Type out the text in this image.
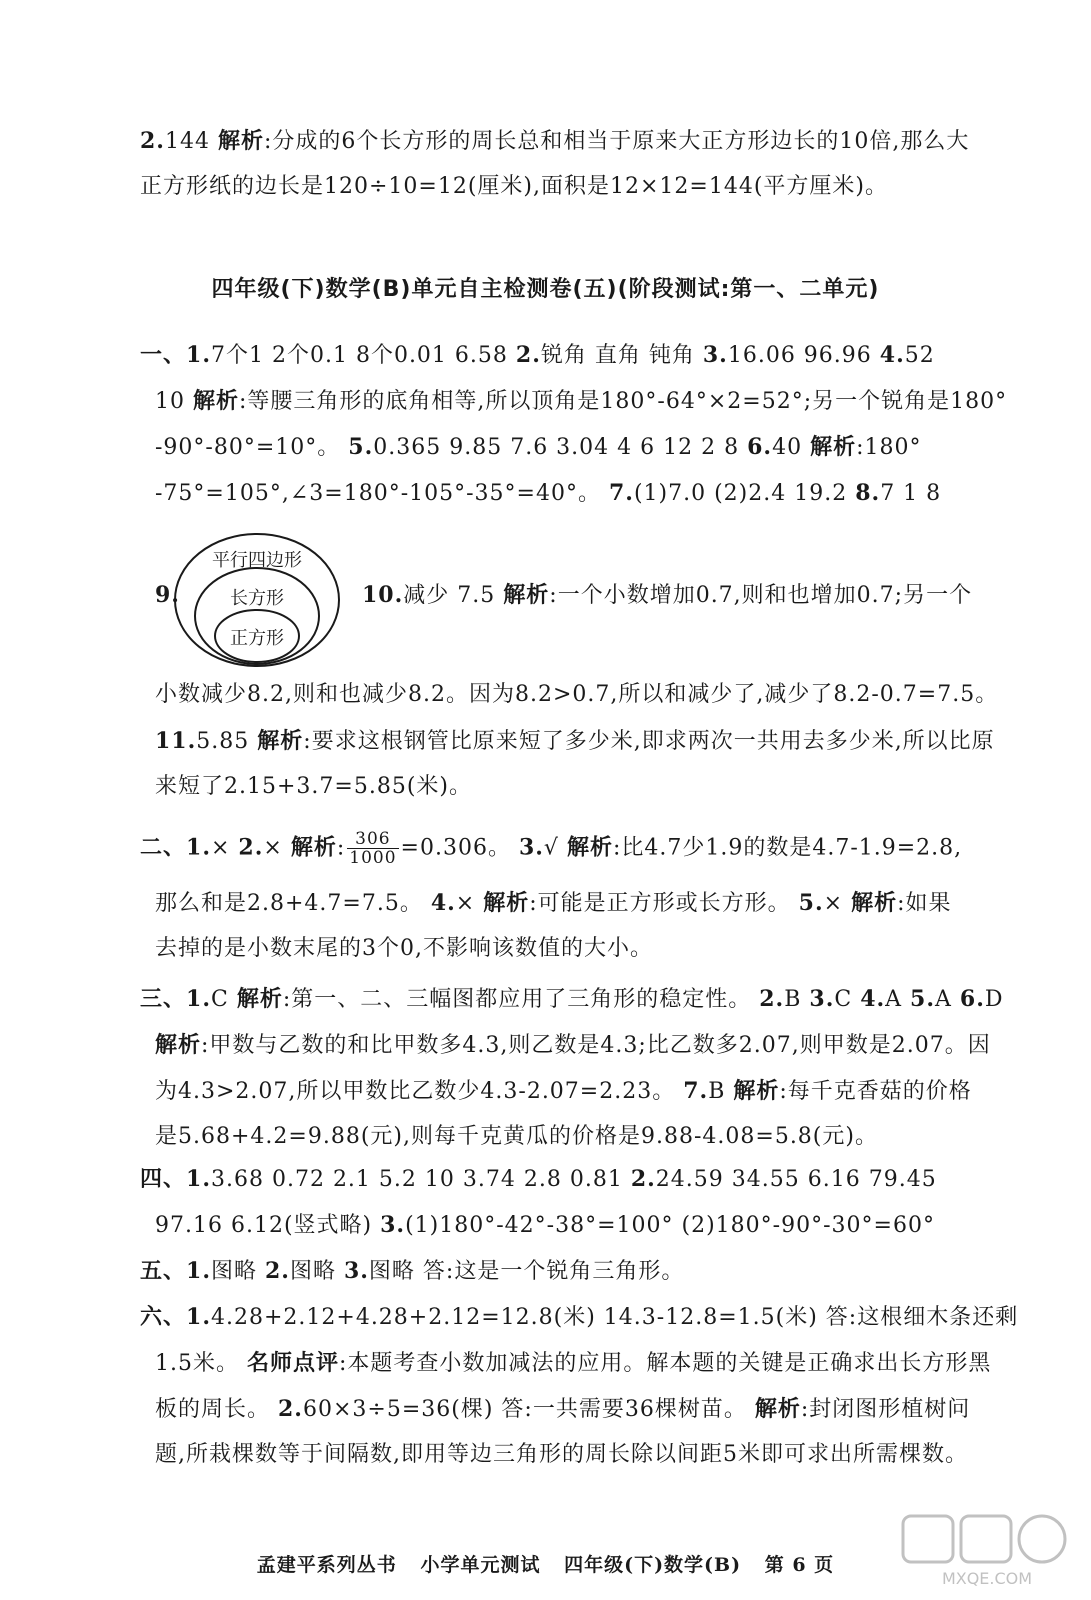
2.144 解析:分成的6个长方形的周长总和相当于原来大正方形边长的10倍,那么大
正方形纸的边长是120÷10=12(厘米),面积是12×12=144(平方厘米)。
四年级(下)数学(B)单元自主检测卷(五)(阶段测试:第一、二单元)
一、1.7个1 2个0.1 8个0.01 6.58 2.锐角 直角 钝角 3.16.06 96.96 4.52
10 解析:等腰三角形的底角相等,所以顶角是180°-64°×2=52°;另一个锐角是180°
-90°-80°=10°。 5.0.365 9.85 7.6 3.04 4 6 12 2 8 6.40 解析:180°
-75°=105°,∠3=180°-105°-35°=40°。 7.(1)7.0 (2)2.4 19.2 8.7 1 8
9.
平行四边形
长方形
正方形
10.减少 7.5 解析:一个小数增加0.7,则和也增加0.7;另一个
小数减少8.2,则和也减少8.2。因为8.2>0.7,所以和减少了,减少了8.2-0.7=7.5。
11.5.85 解析:要求这根钢管比原来短了多少米,即求两次一共用去多少米,所以比原
来短了2.15+3.7=5.85(米)。
二、1.× 2.× 解析: $\frac{306}{1000} =0.306$。 3.√ 解析:比4.7少1.9的数是4.7-1.9=2.8,
那么和是2.8+4.7=7.5。 4.× 解析:可能是正方形或长方形。 5.× 解析:如果
去掉的是小数末尾的3个0,不影响该数值的大小。
三、1.C 解析:第一、二、三幅图都应用了三角形的稳定性。 2.B 3.C 4.A 5.A 6.D
解析:甲数与乙数的和比甲数多4.3,则乙数是4.3;比乙数多2.07,则甲数是2.07。因
为4.3>2.07,所以甲数比乙数少4.3-2.07=2.23。 7.B 解析:每千克香菇的价格
是5.68+4.2=9.88(元),则每千克黄瓜的价格是9.88-4.08=5.8(元)。
四、1.3.68 0.72 2.1 5.2 10 3.74 2.8 0.81 2.24.59 34.55 6.16 79.45
97.16 6.12(竖式略) 3.(1)180°-42°-38°=100° (2)180°-90°-30°=60°
五、1.图略 2.图略 3.图略 答:这是一个锐角三角形。
六、1.4.28+2.12+4.28+2.12=12.8(米) 14.3-12.8=1.5(米) 答:这根细木条还剩
1.5米。 名师点评:本题考查小数加减法的应用。解本题的关键是正确求出长方形黑
板的周长。 2.60×3÷5=36(棵) 答:一共需要36棵树苗。 解析:封闭图形植树问
题,所栽棵数等于间隔数,即用等边三角形的周长除以间距5米即可求出所需棵数。
孟建平系列丛书 小学单元测试 四年级(下)数学(B) 第 6 页
MXQE.COM
